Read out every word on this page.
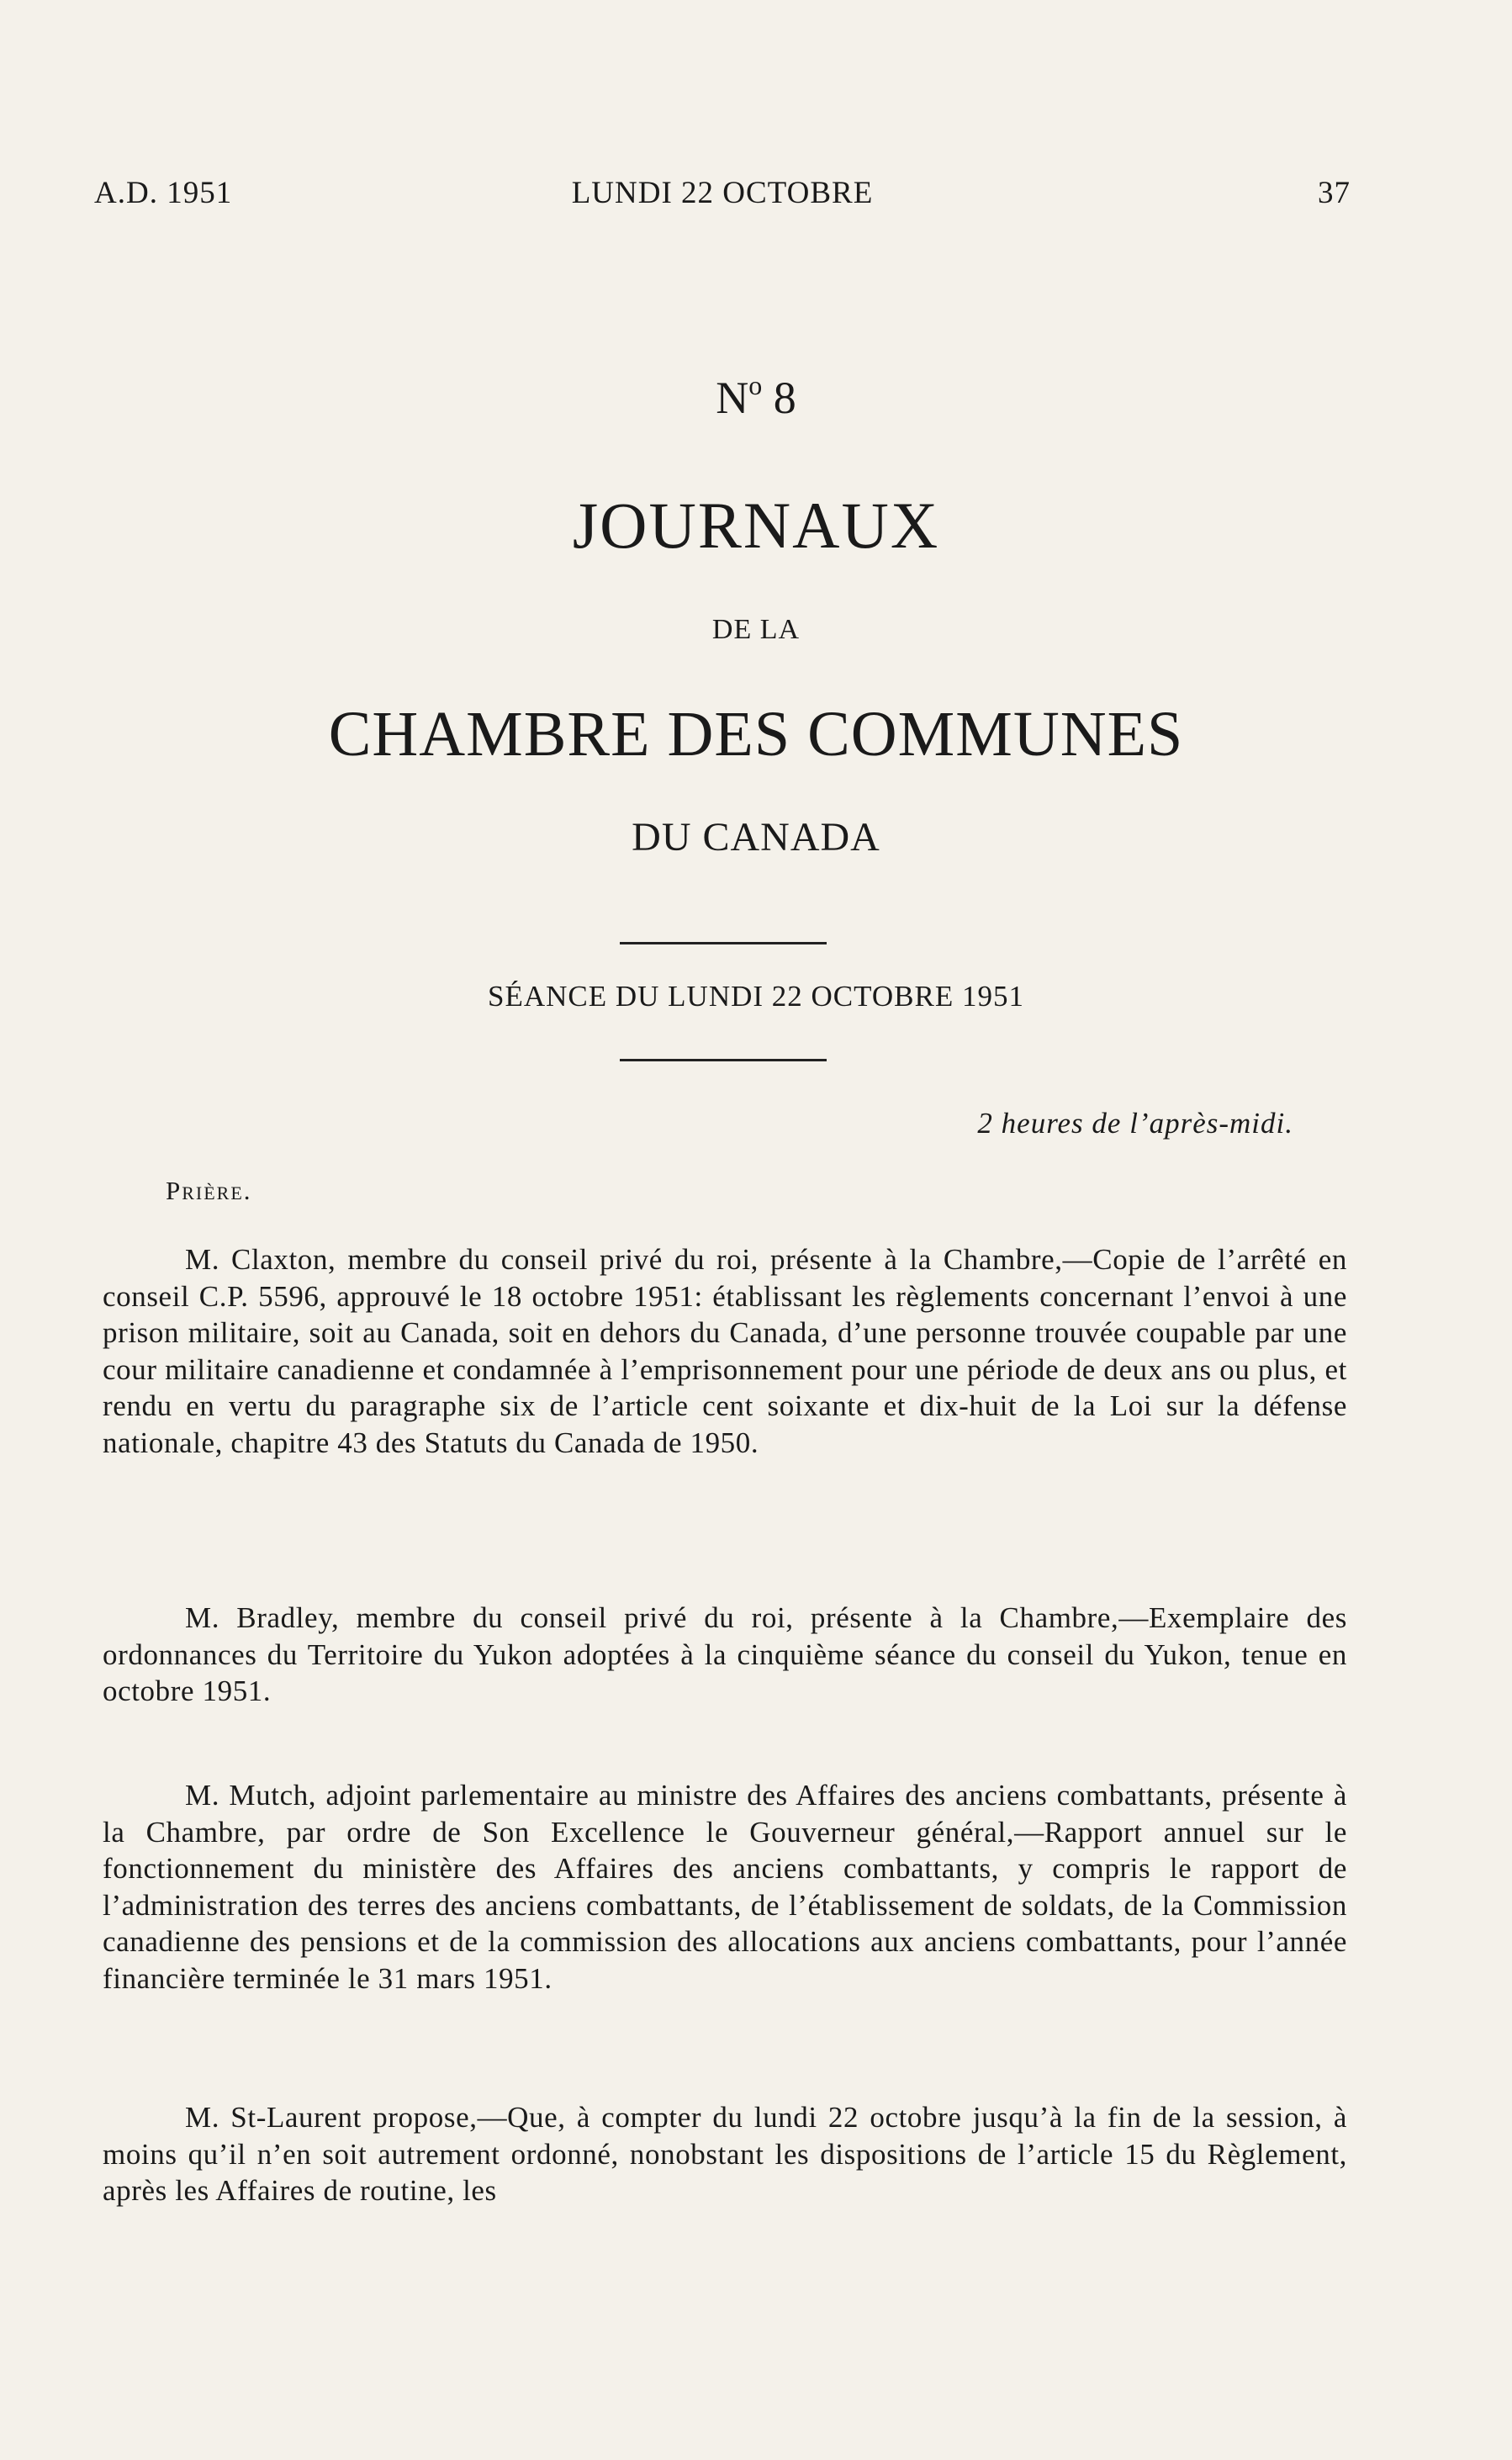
A.D. 1951	LUNDI 22 OCTOBRE	37
$N^o$ 8
JOURNAUX
DE LA
CHAMBRE DES COMMUNES
DU CANADA
SÉANCE DU LUNDI 22 OCTOBRE 1951
2 heures de l’après-midi.
Prière.

M. Claxton, membre du conseil privé du roi, présente à la Chambre,—Copie de l’arrêté en conseil C.P. 5596, approuvé le 18 octobre 1951: établissant les règlements concernant l’envoi à une prison militaire, soit au Canada, soit en dehors du Canada, d’une personne trouvée coupable par une cour militaire canadienne et condamnée à l’emprisonnement pour une période de deux ans ou plus, et rendu en vertu du paragraphe six de l’article cent soixante et dix-huit de la Loi sur la défense nationale, chapitre 43 des Statuts du Canada de 1950.

M. Bradley, membre du conseil privé du roi, présente à la Chambre,—Exemplaire des ordonnances du Territoire du Yukon adoptées à la cinquième séance du conseil du Yukon, tenue en octobre 1951.

M. Mutch, adjoint parlementaire au ministre des Affaires des anciens combattants, présente à la Chambre, par ordre de Son Excellence le Gouverneur général,—Rapport annuel sur le fonctionnement du ministère des Affaires des anciens combattants, y compris le rapport de l’administration des terres des anciens combattants, de l’établissement de soldats, de la Commission canadienne des pensions et de la commission des allocations aux anciens combattants, pour l’année financière terminée le 31 mars 1951.

M. St-Laurent propose,—Que, à compter du lundi 22 octobre jusqu’à la fin de la session, à moins qu’il n’en soit autrement ordonné, nonobstant les dispositions de l’article 15 du Règlement, après les Affaires de routine, les
